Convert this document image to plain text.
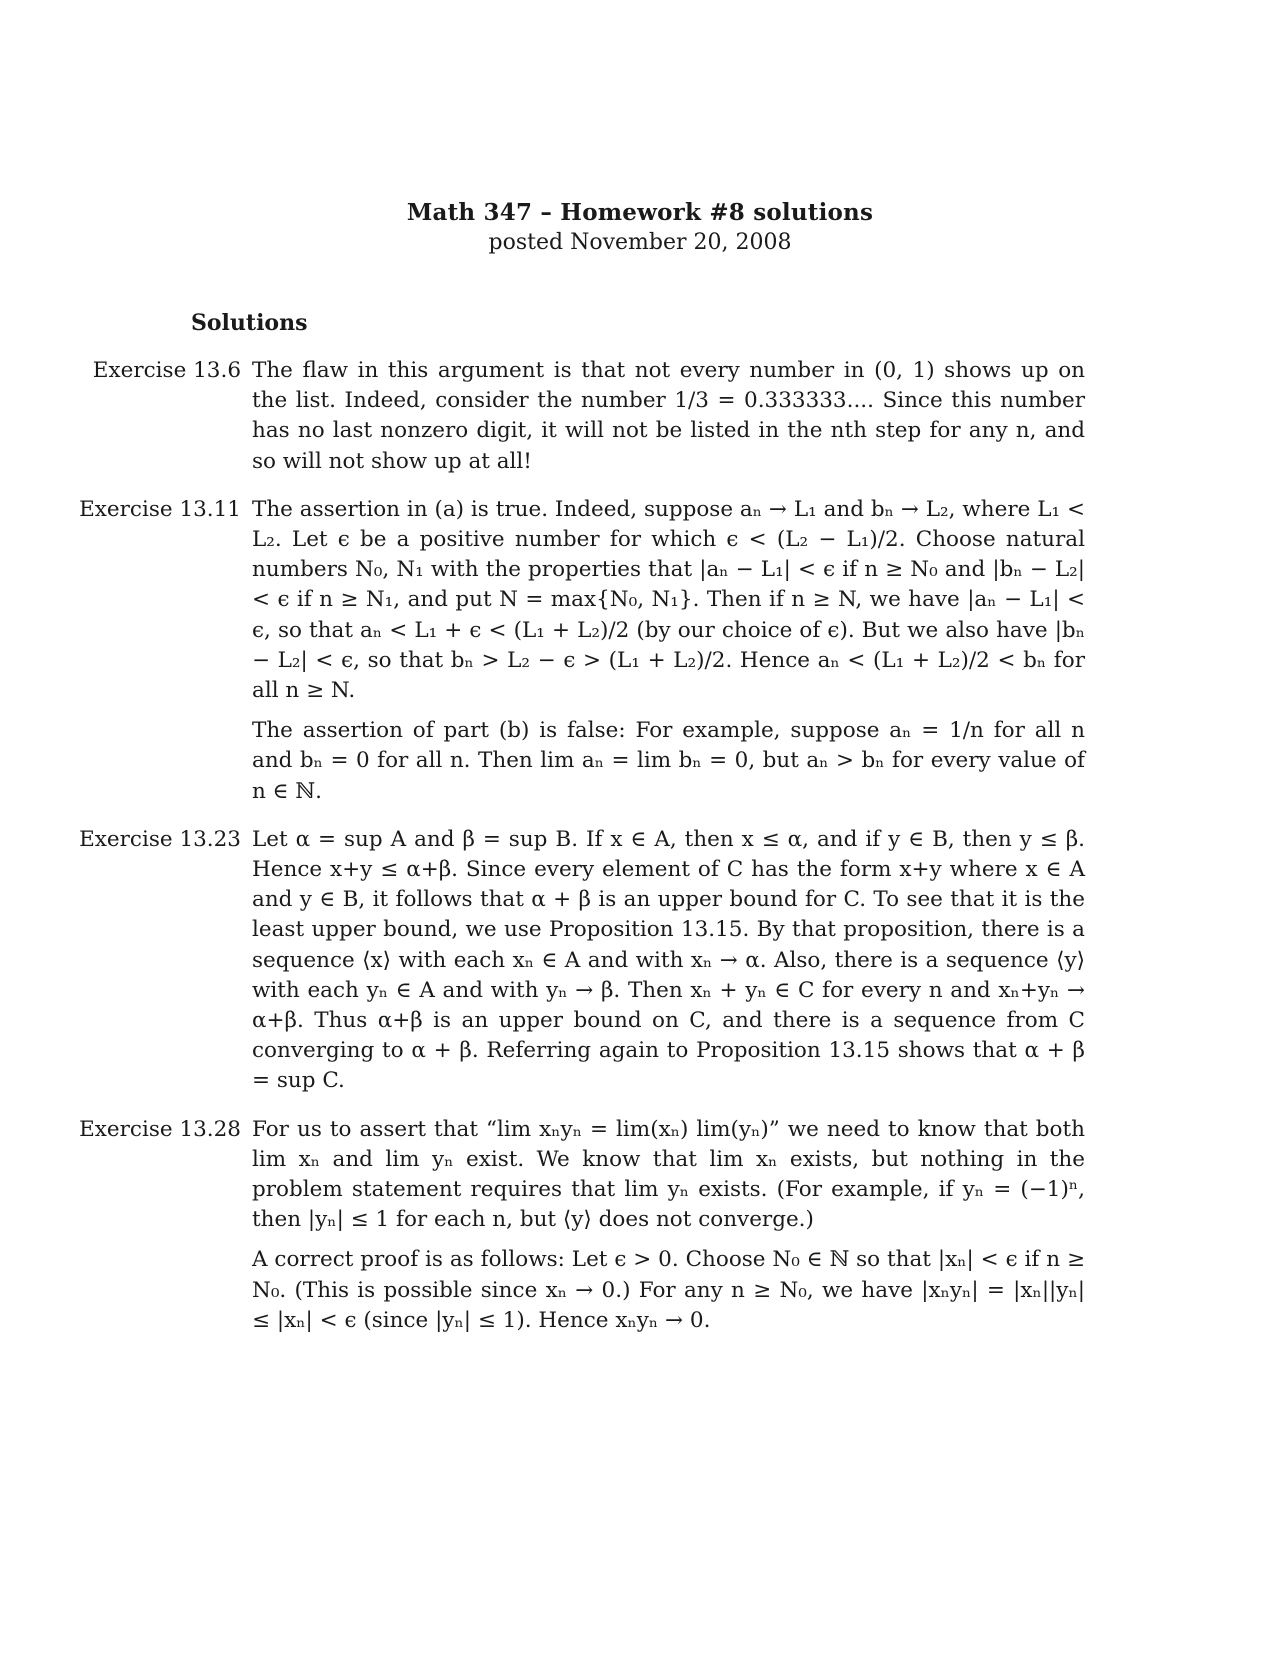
Math 347 – Homework #8 solutions
posted November 20, 2008
Solutions
Exercise 13.6 The flaw in this argument is that not every number in (0, 1) shows up on the list. Indeed, consider the number 1/3 = 0.333333.... Since this number has no last nonzero digit, it will not be listed in the nth step for any n, and so will not show up at all!

Exercise 13.11 The assertion in (a) is true. Indeed, suppose aₙ → L₁ and bₙ → L₂, where L₁ < L₂. Let ϵ be a positive number for which ϵ < (L₂ − L₁)/2. Choose natural numbers N₀, N₁ with the properties that |aₙ − L₁| < ϵ if n ≥ N₀ and |bₙ − L₂| < ϵ if n ≥ N₁, and put N = max{N₀, N₁}. Then if n ≥ N, we have |aₙ − L₁| < ϵ, so that aₙ < L₁ + ϵ < (L₁ + L₂)/2 (by our choice of ϵ). But we also have |bₙ − L₂| < ϵ, so that bₙ > L₂ − ϵ > (L₁ + L₂)/2. Hence aₙ < (L₁ + L₂)/2 < bₙ for all n ≥ N.

The assertion of part (b) is false: For example, suppose aₙ = 1/n for all n and bₙ = 0 for all n. Then lim aₙ = lim bₙ = 0, but aₙ > bₙ for every value of n ∈ ℕ.

Exercise 13.23 Let α = sup A and β = sup B. If x ∈ A, then x ≤ α, and if y ∈ B, then y ≤ β. Hence x+y ≤ α+β. Since every element of C has the form x+y where x ∈ A and y ∈ B, it follows that α + β is an upper bound for C. To see that it is the least upper bound, we use Proposition 13.15. By that proposition, there is a sequence ⟨x⟩ with each xₙ ∈ A and with xₙ → α. Also, there is a sequence ⟨y⟩ with each yₙ ∈ A and with yₙ → β. Then xₙ + yₙ ∈ C for every n and xₙ+yₙ → α+β. Thus α+β is an upper bound on C, and there is a sequence from C converging to α + β. Referring again to Proposition 13.15 shows that α + β = sup C.

Exercise 13.28 For us to assert that “lim xₙyₙ = lim(xₙ) lim(yₙ)” we need to know that both lim xₙ and lim yₙ exist. We know that lim xₙ exists, but nothing in the problem statement requires that lim yₙ exists. (For example, if yₙ = (−1)ⁿ, then |yₙ| ≤ 1 for each n, but ⟨y⟩ does not converge.)

A correct proof is as follows: Let ϵ > 0. Choose N₀ ∈ ℕ so that |xₙ| < ϵ if n ≥ N₀. (This is possible since xₙ → 0.) For any n ≥ N₀, we have |xₙyₙ| = |xₙ||yₙ| ≤ |xₙ| < ϵ (since |yₙ| ≤ 1). Hence xₙyₙ → 0.
